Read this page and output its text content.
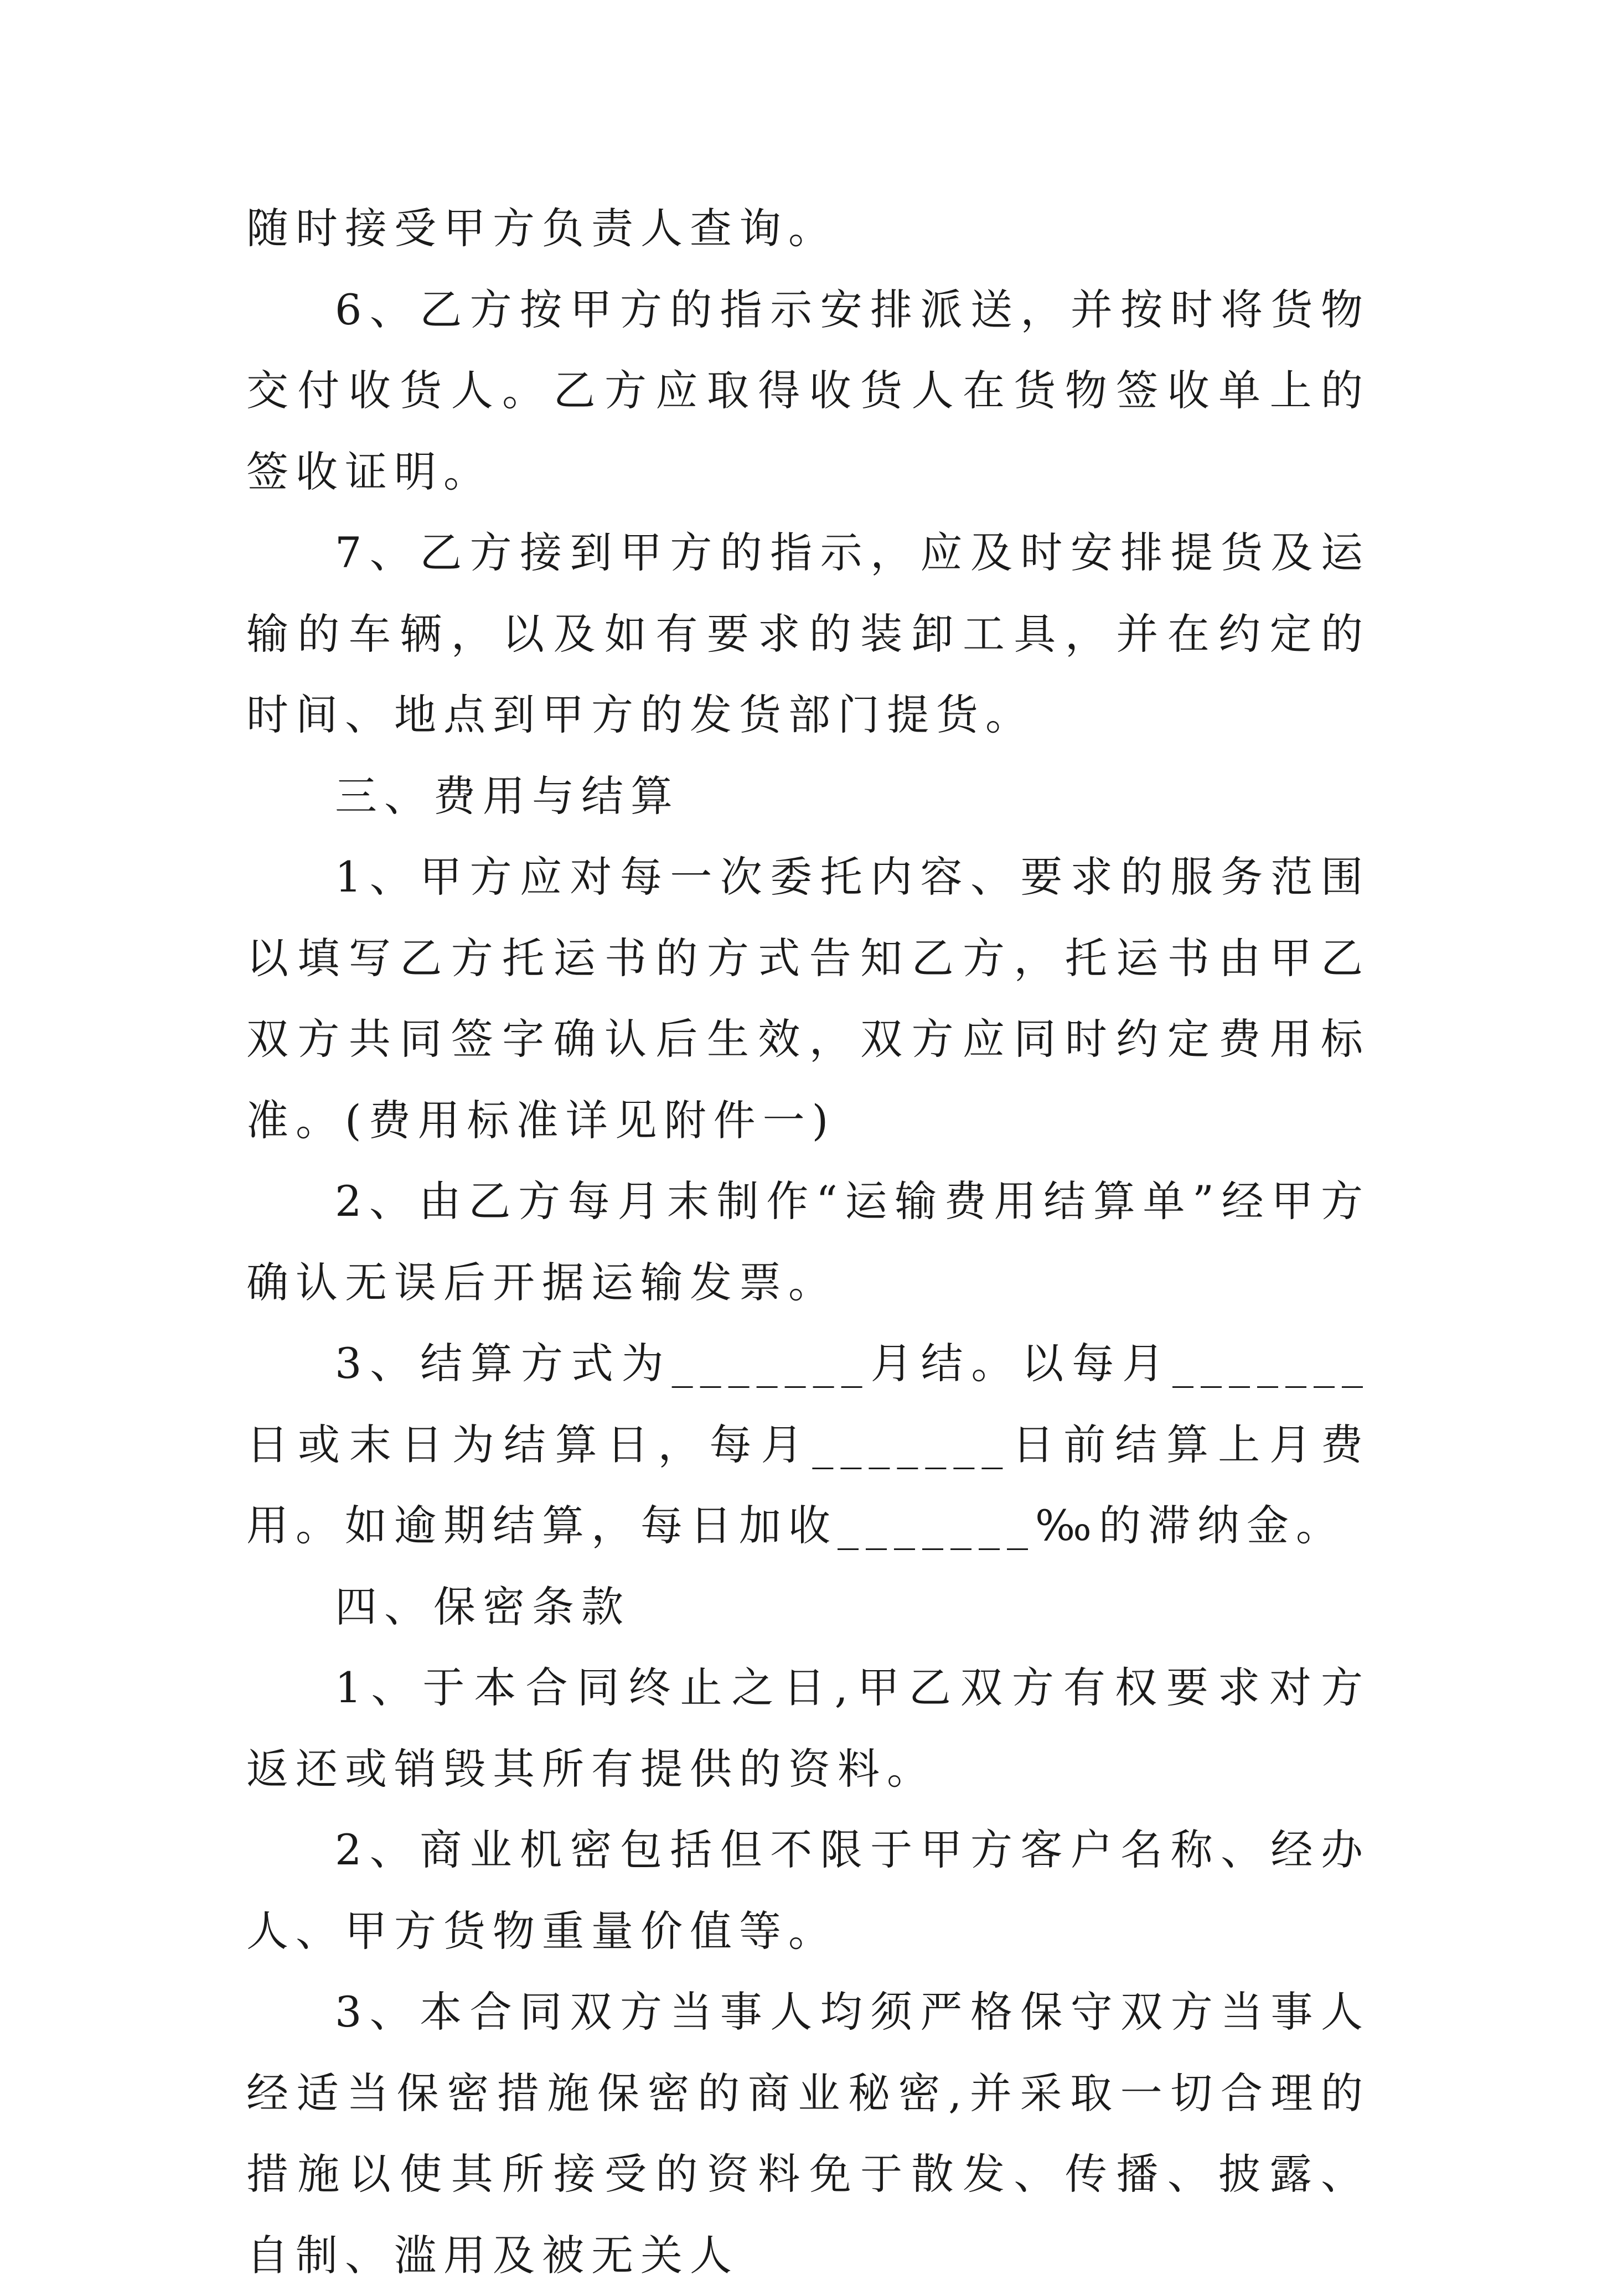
随时接受甲方负责人查询。

6、乙方按甲方的指示安排派送，并按时将货物交付收货人。乙方应取得收货人在货物签收单上的签收证明。

7、乙方接到甲方的指示，应及时安排提货及运输的车辆，以及如有要求的装卸工具，并在约定的时间、地点到甲方的发货部门提货。

三、费用与结算

1、甲方应对每一次委托内容、要求的服务范围以填写乙方托运书的方式告知乙方，托运书由甲乙双方共同签字确认后生效，双方应同时约定费用标准。(费用标准详见附件一)

2、由乙方每月末制作“运输费用结算单”经甲方确认无误后开据运输发票。

3、结算方式为_______月结。以每月_______日或末日为结算日，每月_______日前结算上月费用。如逾期结算，每日加收_______‰的滞纳金。

四、保密条款

1、于本合同终止之日,甲乙双方有权要求对方返还或销毁其所有提供的资料。

2、商业机密包括但不限于甲方客户名称、经办人、甲方货物重量价值等。

3、本合同双方当事人均须严格保守双方当事人经适当保密措施保密的商业秘密,并采取一切合理的措施以使其所接受的资料免于散发、传播、披露、自制、滥用及被无关人
